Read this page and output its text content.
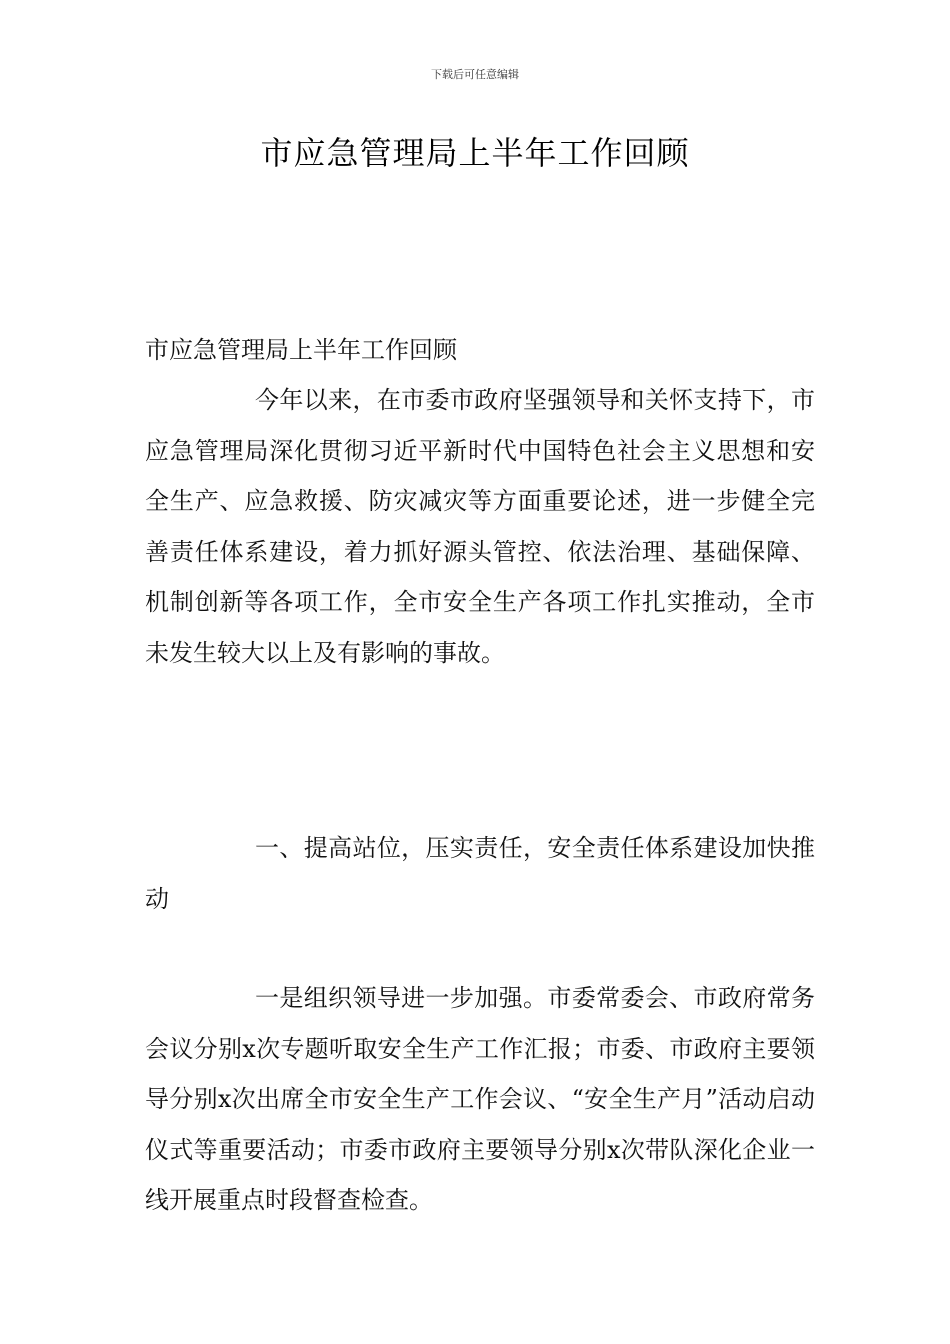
下载后可任意编辑
市应急管理局上半年工作回顾

市应急管理局上半年工作回顾

今年以来，在市委市政府坚强领导和关怀支持下，市应急管理局深化贯彻习近平新时代中国特色社会主义思想和安全生产、应急救援、防灾减灾等方面重要论述，进一步健全完善责任体系建设，着力抓好源头管控、依法治理、基础保障、机制创新等各项工作，全市安全生产各项工作扎实推动，全市未发生较大以上及有影响的事故。

一、提高站位，压实责任，安全责任体系建设加快推动

一是组织领导进一步加强。市委常委会、市政府常务会议分别x次专题听取安全生产工作汇报；市委、市政府主要领导分别x次出席全市安全生产工作会议、“安全生产月”活动启动仪式等重要活动；市委市政府主要领导分别x次带队深化企业一线开展重点时段督查检查。
